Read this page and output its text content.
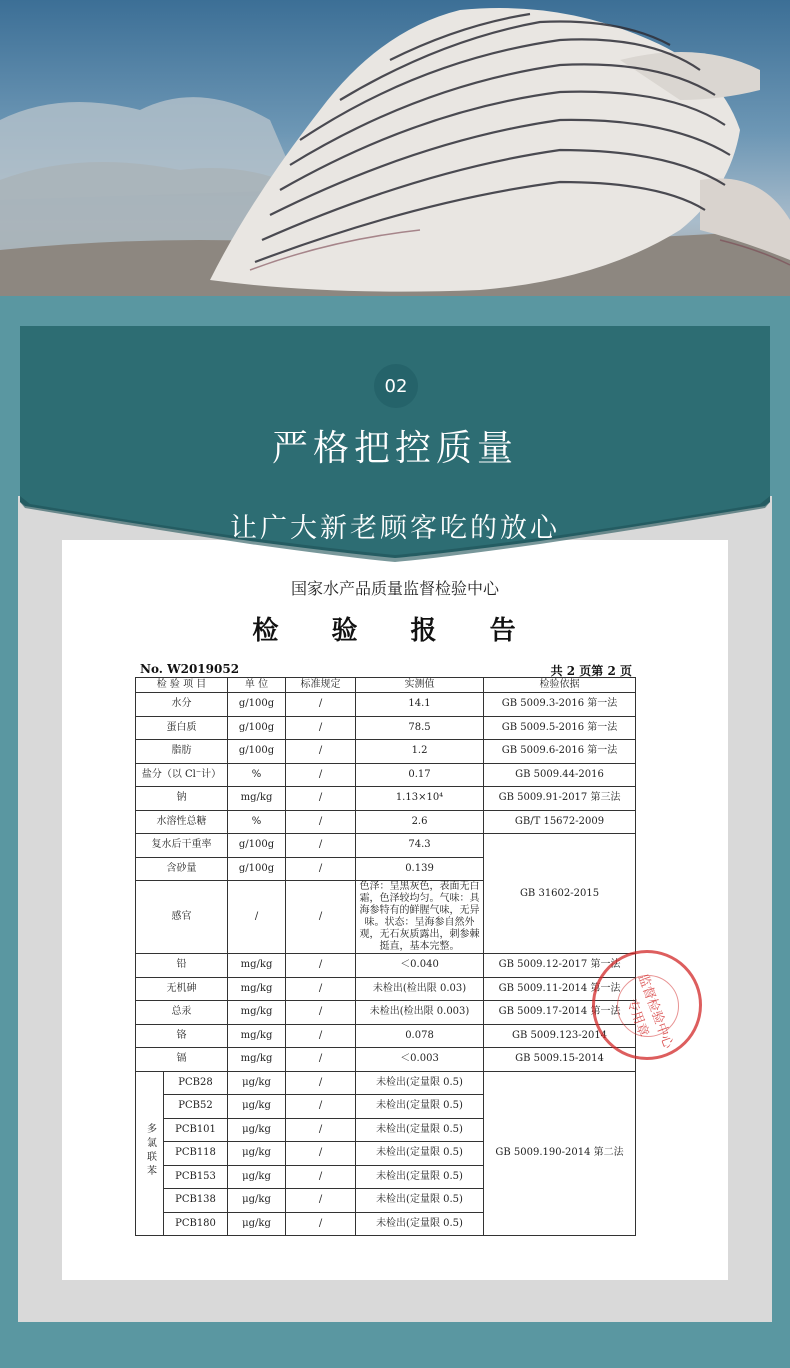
国家水产品质量监督检验中心
检 验 报 告
No. W2019052	共 2 页第 2 页
检 验 项 目		单 位	标准规定	实测值	检验依据
水分		g/100g	/	14.1	GB 5009.3-2016 第一法
蛋白质		g/100g	/	78.5	GB 5009.5-2016 第一法
脂肪		g/100g	/	1.2	GB 5009.6-2016 第一法
盐分（以 Cl⁻计）		%	/	0.17	GB 5009.44-2016
钠		mg/kg	/	1.13×10⁴	GB 5009.91-2017 第三法
水溶性总糖		%	/	2.6	GB/T 15672-2009
复水后干重率		g/100g	/	74.3	GB 31602-2015
含砂量		g/100g	/	0.139	
感官		/	/	色泽：呈黑灰色，表面无白霜，色泽较均匀。气味：具海参特有的鲜腥气味，无异味。状态：呈海参自然外观，无石灰质露出，刺参棘挺直，基本完整。	
铅		mg/kg	/	＜0.040	GB 5009.12-2017 第一法
无机砷		mg/kg	/	未检出(检出限 0.03)	GB 5009.11-2014 第一法
总汞		mg/kg	/	未检出(检出限 0.003)	GB 5009.17-2014 第一法
铬		mg/kg	/	0.078	GB 5009.123-2014
镉		mg/kg	/	＜0.003	GB 5009.15-2014
多氯联苯	PCB28	μg/kg	/	未检出(定量限 0.5)	GB 5009.190-2014 第二法
	PCB52	μg/kg	/	未检出(定量限 0.5)	
	PCB101	μg/kg	/	未检出(定量限 0.5)	
	PCB118	μg/kg	/	未检出(定量限 0.5)	
	PCB153	μg/kg	/	未检出(定量限 0.5)	
	PCB138	μg/kg	/	未检出(定量限 0.5)	
	PCB180	μg/kg	/	未检出(定量限 0.5)	
监督检验中心专用章
02
严格把控质量
让广大新老顾客吃的放心
